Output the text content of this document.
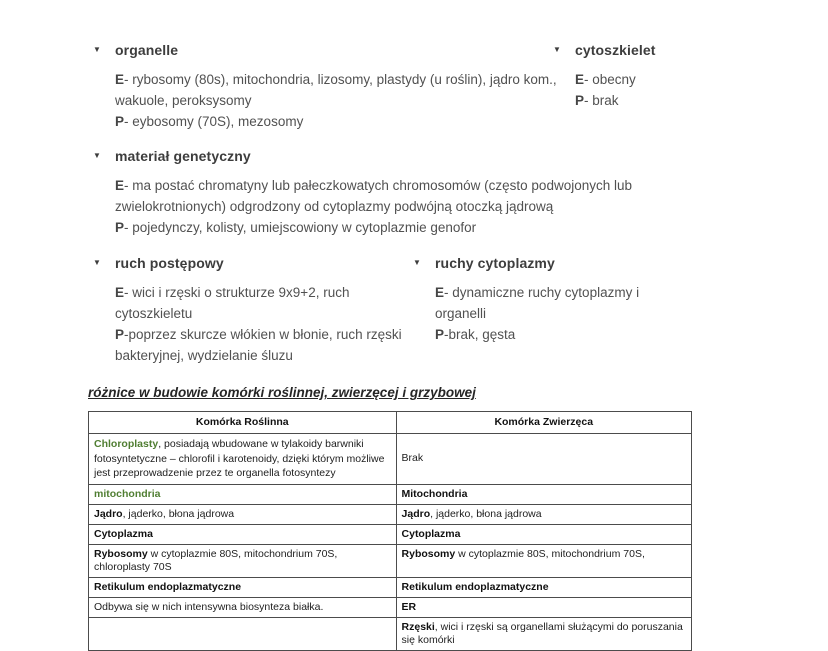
▼	organelle

E- rybosomy (80s), mitochondria, lizosomy, plastydy (u roślin), jądro kom., wakuole, peroksysomy

P- eybosomy (70S), mezosomy

▼	cytoszkielet

E- obecny

P- brak

▼	materiał genetyczny

E- ma postać chromatyny lub pałeczkowatych chromosomów (często podwojonych lub zwielokrotnionych) odgrodzony od cytoplazmy podwójną otoczką jądrową

P- pojedynczy, kolisty, umiejscowiony w cytoplazmie genofor

▼	ruch postępowy

E- wici i rzęski o strukturze 9x9+2, ruch cytoszkieletu

P-poprzez skurcze włókien w błonie, ruch rzęski bakteryjnej, wydzielanie śluzu

▼	ruchy cytoplazmy

E- dynamiczne ruchy cytoplazmy i organelli

P-brak, gęsta

różnice w budowie komórki roślinnej, zwierzęcej i grzybowej
Komórka Roślinna	Komórka Zwierzęca
Chloroplasty, posiadają wbudowane w tylakoidy barwniki fotosyntetyczne – chlorofil i karotenoidy, dzięki którym możliwe jest przeprowadzenie przez te organella fotosyntezy	Brak
mitochondria	Mitochondria
Jądro, jąderko, błona jądrowa	Jądro, jąderko, błona jądrowa
Cytoplazma	Cytoplazma
Rybosomy w cytoplazmie 80S, mitochondrium 70S, chloroplasty 70S	Rybosomy w cytoplazmie 80S, mitochondrium 70S,
Retikulum endoplazmatyczne	Retikulum endoplazmatyczne
Odbywa się w nich intensywna biosynteza białka.	ER
	Rzęski, wici i rzęski są organellami służącymi do poruszania się komórki
